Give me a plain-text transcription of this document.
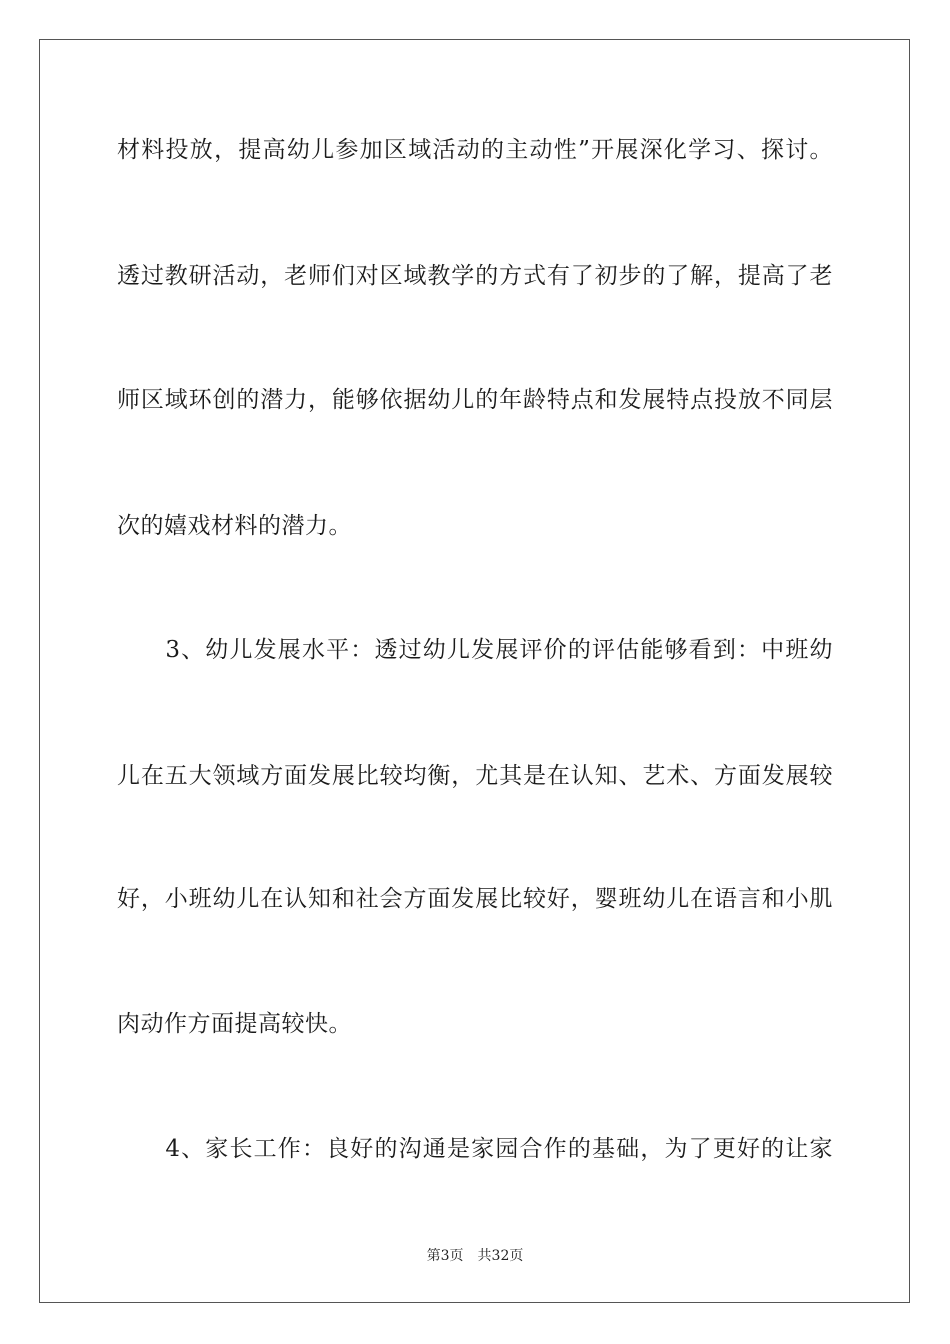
材料投放，提高幼儿参加区域活动的主动性”开展深化学习、探讨。
透过教研活动，老师们对区域教学的方式有了初步的了解，提高了老
师区域环创的潜力，能够依据幼儿的年龄特点和发展特点投放不同层
次的嬉戏材料的潜力。
　　3、幼儿发展水平：透过幼儿发展评价的评估能够看到：中班幼
儿在五大领域方面发展比较均衡，尤其是在认知、艺术、方面发展较
好，小班幼儿在认知和社会方面发展比较好，婴班幼儿在语言和小肌
肉动作方面提高较快。
　　4、家长工作：良好的沟通是家园合作的基础，为了更好的让家
第3页 共32页
